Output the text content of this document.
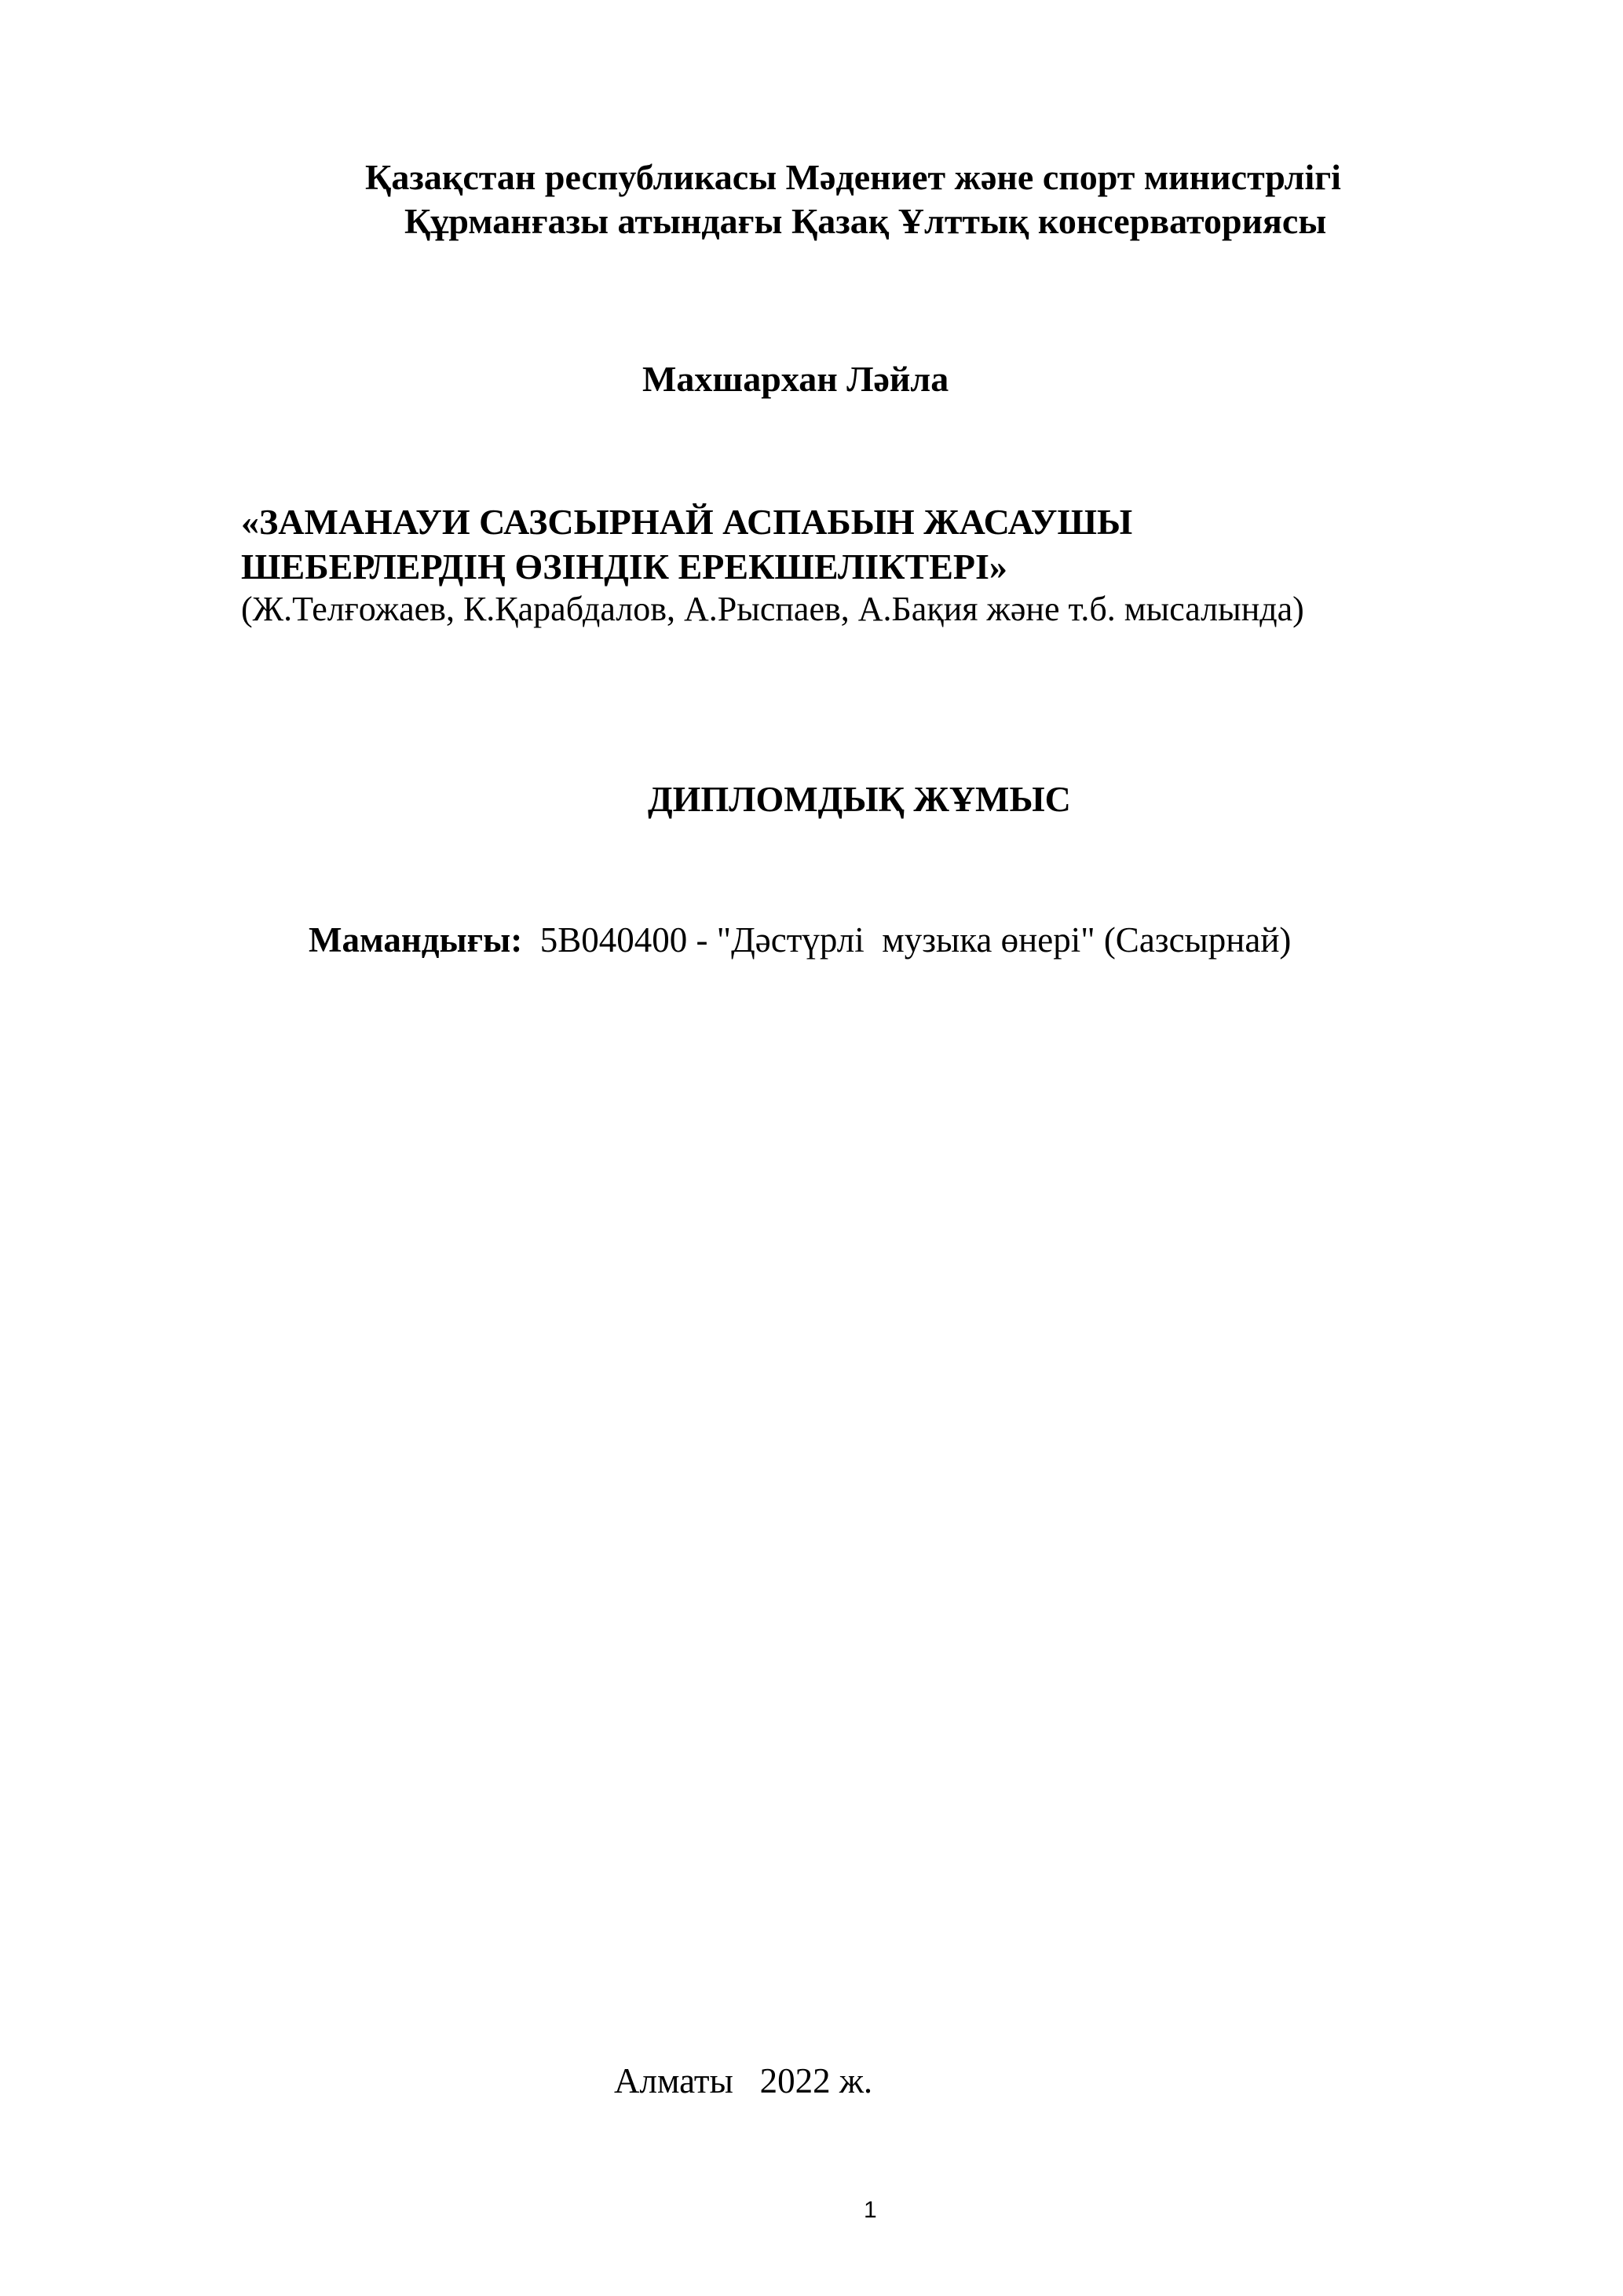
Қазақстан республикасы Мәдениет және спорт министрлігі
Құрманғазы атындағы Қазақ Ұлттық консерваториясы
Махшархан Ләйла
«ЗАМАНАУИ САЗСЫРНАЙ АСПАБЫН ЖАСАУШЫ
ШЕБЕРЛЕРДІҢ ӨЗІНДІК ЕРЕКШЕЛІКТЕРІ»
(Ж.Телғожаев, К.Қарабдалов, А.Рыспаев, А.Бақия және т.б. мысалында)
ДИПЛОМДЫҚ ЖҰМЫС
Мамандығы:  5В040400 - "Дәстүрлі  музыка өнері" (Сазсырнай)
Алматы   2022 ж.
1
